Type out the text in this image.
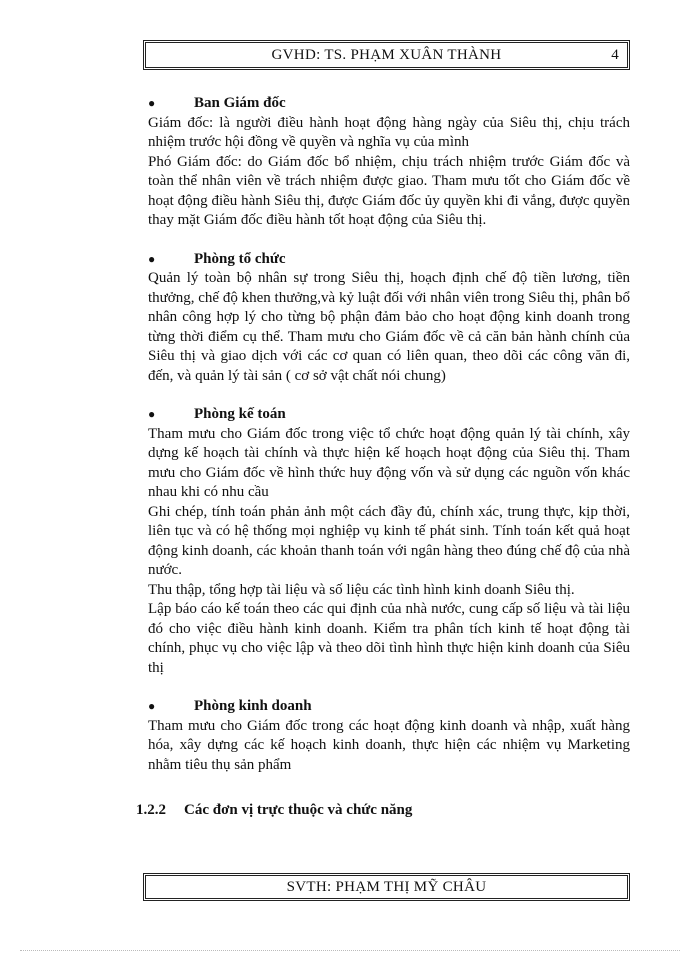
GVHD: TS. PHẠM XUÂN THÀNH	4
●	Ban Giám đốc

Giám đốc: là người điều hành hoạt động hàng ngày của Siêu thị, chịu trách nhiệm trước hội đồng về quyền và nghĩa vụ của mình

Phó Giám đốc: do Giám đốc bổ nhiệm, chịu trách nhiệm trước Giám đốc và toàn thể nhân viên về trách nhiệm được giao. Tham mưu tốt cho Giám đốc về hoạt động điều hành Siêu thị, được Giám đốc ủy quyền khi đi vắng, được quyền thay mặt Giám đốc điều hành tốt hoạt động của Siêu thị.

●	Phòng tổ chức

Quản lý toàn bộ nhân sự trong Siêu thị, hoạch định chế độ tiền lương, tiền thưởng, chế độ khen thưởng,và kỷ luật đối với nhân viên trong Siêu thị, phân bổ nhân công hợp lý cho từng bộ phận đảm bảo cho hoạt động kinh doanh trong từng thời điểm cụ thể. Tham mưu cho Giám đốc về cả căn bản hành chính của Siêu thị và giao dịch với các cơ quan có liên quan, theo dõi các công văn đi, đến, và quản lý tài sản ( cơ sở vật chất nói chung)

●	Phòng kế toán

Tham mưu cho Giám đốc trong việc tổ chức hoạt động quản lý tài chính, xây dựng kế hoạch tài chính và thực hiện kế hoạch hoạt động của Siêu thị. Tham mưu cho Giám đốc về hình thức huy động vốn và sử dụng các nguồn vốn khác nhau khi có nhu cầu

Ghi chép, tính toán phản ảnh một cách đầy đủ, chính xác, trung thực, kịp thời, liên tục và có hệ thống mọi nghiệp vụ kinh tế phát sinh. Tính toán kết quả hoạt động kinh doanh, các khoản thanh toán với ngân hàng theo đúng chế độ của nhà nước.

Thu thập, tổng hợp tài liệu và số liệu các tình hình kinh doanh Siêu thị.

Lập báo cáo kế toán theo các qui định của nhà nước, cung cấp số liệu và tài liệu đó cho việc điều hành kinh doanh. Kiểm tra phân tích kinh tế hoạt động tài chính, phục vụ cho việc lập và theo dõi tình hình thực hiện kinh doanh của Siêu thị

●	Phòng kinh doanh

Tham mưu cho Giám đốc trong các hoạt động kinh doanh và nhập, xuất hàng hóa, xây dựng các kế hoạch kinh doanh, thực hiện các nhiệm vụ Marketing nhằm tiêu thụ sản phẩm

1.2.2	Các đơn vị trực thuộc và chức năng
SVTH: PHẠM THỊ MỸ CHÂU
